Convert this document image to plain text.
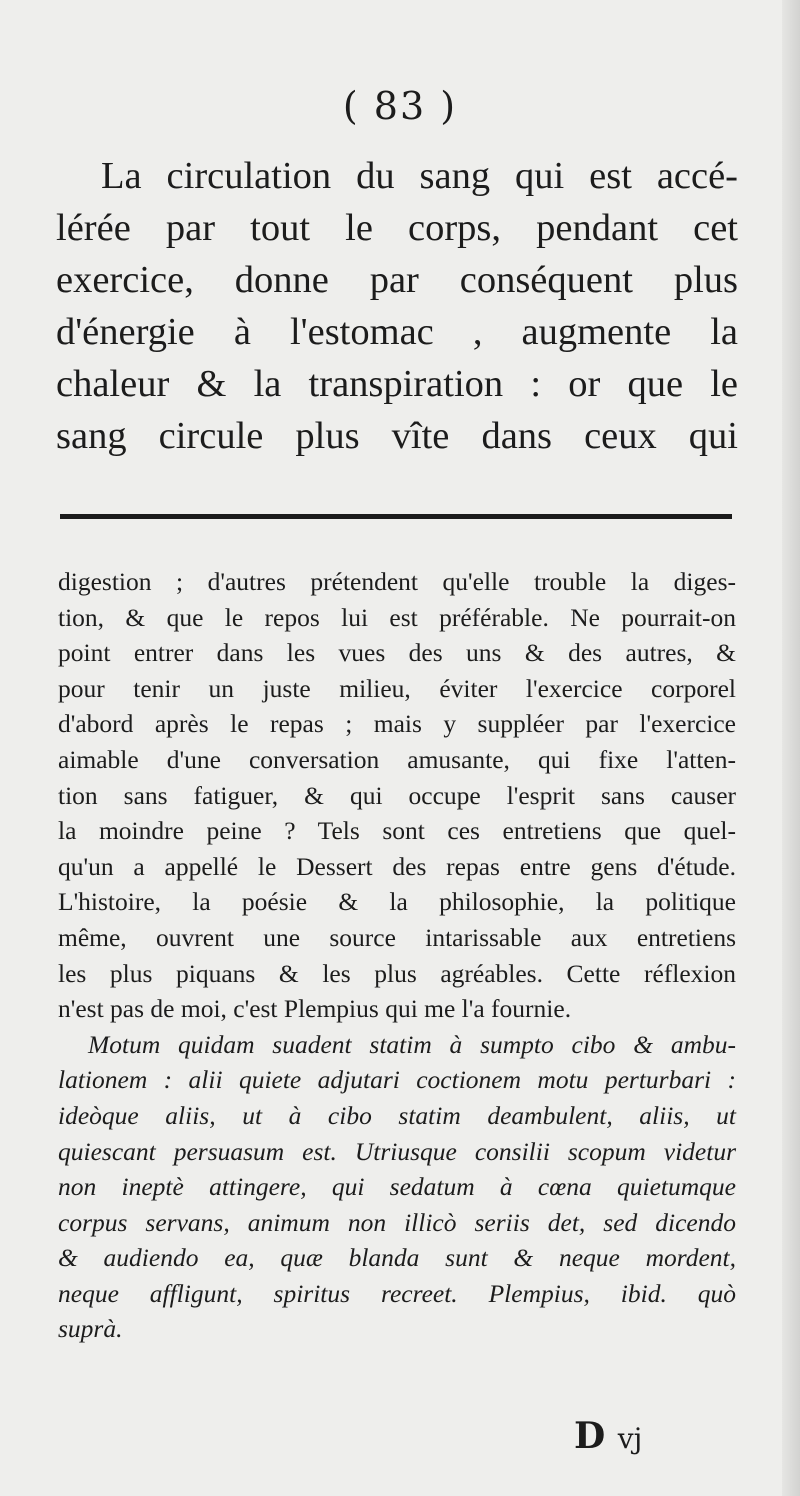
( 83 )
La circulation du sang qui est accé-
lérée par tout le corps, pendant cet
exercice, donne par conséquent plus
d'énergie à l'estomac , augmente la
chaleur & la transpiration : or que le
sang circule plus vîte dans ceux qui
digestion ; d'autres prétendent qu'elle trouble la diges-
tion, & que le repos lui est préférable. Ne pourrait-on
point entrer dans les vues des uns & des autres, &
pour tenir un juste milieu, éviter l'exercice corporel
d'abord après le repas ; mais y suppléer par l'exercice
aimable d'une conversation amusante, qui fixe l'atten-
tion sans fatiguer, & qui occupe l'esprit sans causer
la moindre peine ? Tels sont ces entretiens que quel-
qu'un a appellé le Dessert des repas entre gens d'étude.
L'histoire, la poésie & la philosophie, la politique
même, ouvrent une source intarissable aux entretiens
les plus piquans & les plus agréables. Cette réflexion
n'est pas de moi, c'est Plempius qui me l'a fournie.
Motum quidam suadent statim à sumpto cibo & ambu-
lationem : alii quiete adjutari coctionem motu perturbari :
ideòque aliis, ut à cibo statim deambulent, aliis, ut
quiescant persuasum est. Utriusque consilii scopum videtur
non ineptè attingere, qui sedatum à cœna quietumque
corpus servans, animum non illicò seriis det, sed dicendo
& audiendo ea, quæ blanda sunt & neque mordent,
neque affligunt, spiritus recreet. Plempius, ibid. quò
suprà.
D vj
